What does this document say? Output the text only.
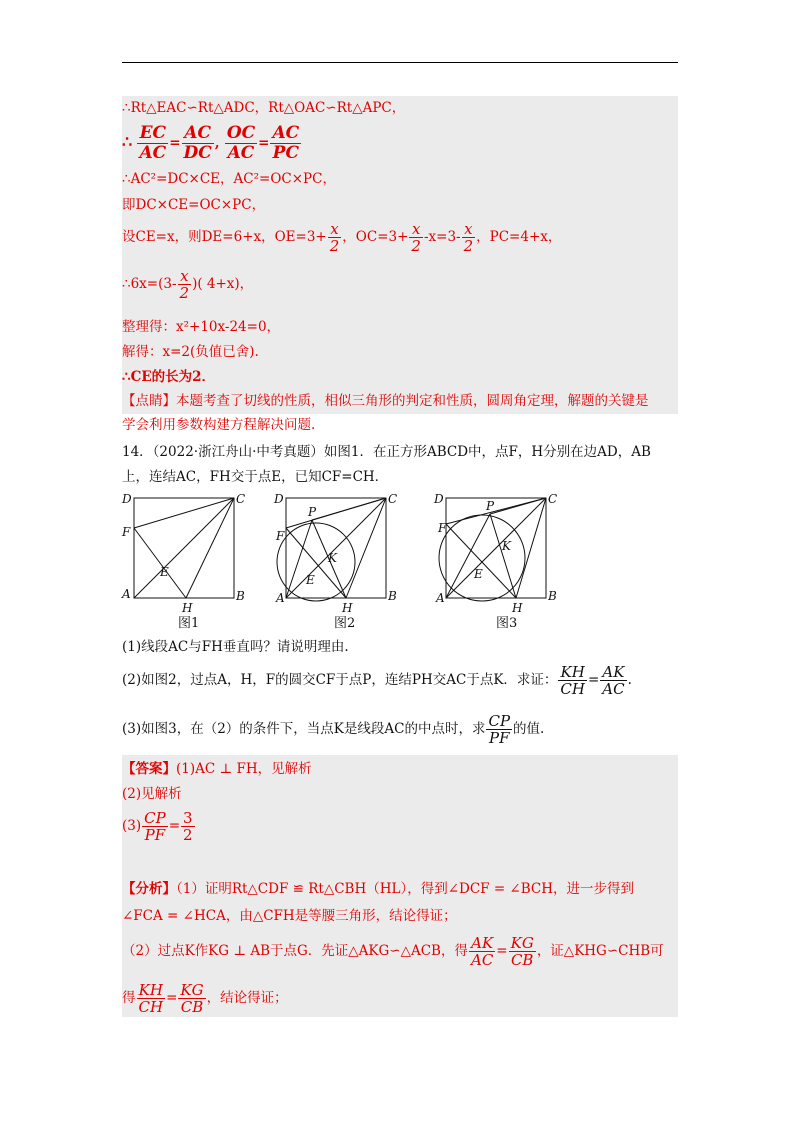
∴Rt△EAC∽Rt△ADC，Rt△OAC∽Rt△APC，
∴ $\frac{EC}{AC} = \frac{AC}{DC}$ , $\frac{OC}{AC} = \frac{AC}{PC}$
∴AC²=DC×CE，AC²=OC×PC，
即DC×CE=OC×PC，
设CE=x，则DE=6+x，$OE=3+ \frac{x}{2}$ ，$OC=3+ \frac{x}{2} -x=3- \frac{x}{2}$ ，PC=4+x，
∴6x=(3- $\frac{x}{2}$ )( 4+x)，
整理得：x²+10x-24=0，
解得：x=2(负值已舍).
∴CE的长为2．
【点睛】本题考查了切线的性质，相似三角形的判定和性质，圆周角定理，解题的关键是
学会利用参数构建方程解决问题.
14．（2022·浙江舟山·中考真题）如图1．在正方形ABCD中，点F，H分别在边AD，AB
上，连结AC，FH交于点E，已知CF=CH．
D	C
F
A	B
H
E
图1
D	C
F
P
K
E
A	B
H
图2
D	C
F
P
K
E
A	B
H
图3
(1)线段AC与FH垂直吗？请说明理由.
(2)如图2，过点A，H，F的圆交CF于点P，连结PH交AC于点K．求证： $\frac{KH}{CH} = \frac{AK}{AC}$ .
(3)如图3，在（2）的条件下，当点K是线段AC的中点时，求 $\frac{CP}{PF}$ 的值.
【答案】(1)AC ⊥ FH，见解析
(2)见解析
$(3) \frac{CP}{PF} = \frac{3}{2}$
【分析】（1）证明Rt△CDF ≌ Rt△CBH（HL），得到∠DCF = ∠BCH，进一步得到
∠FCA = ∠HCA，由△CFH是等腰三角形，结论得证；
（2）过点K作KG ⊥ AB于点G．先证△AKG∽△ACB，得 $\frac{AK}{AC} = \frac{KG}{CB}$ ，证△KHG∽CHB可
得 $\frac{KH}{CH} = \frac{KG}{CB}$ ，结论得证；
